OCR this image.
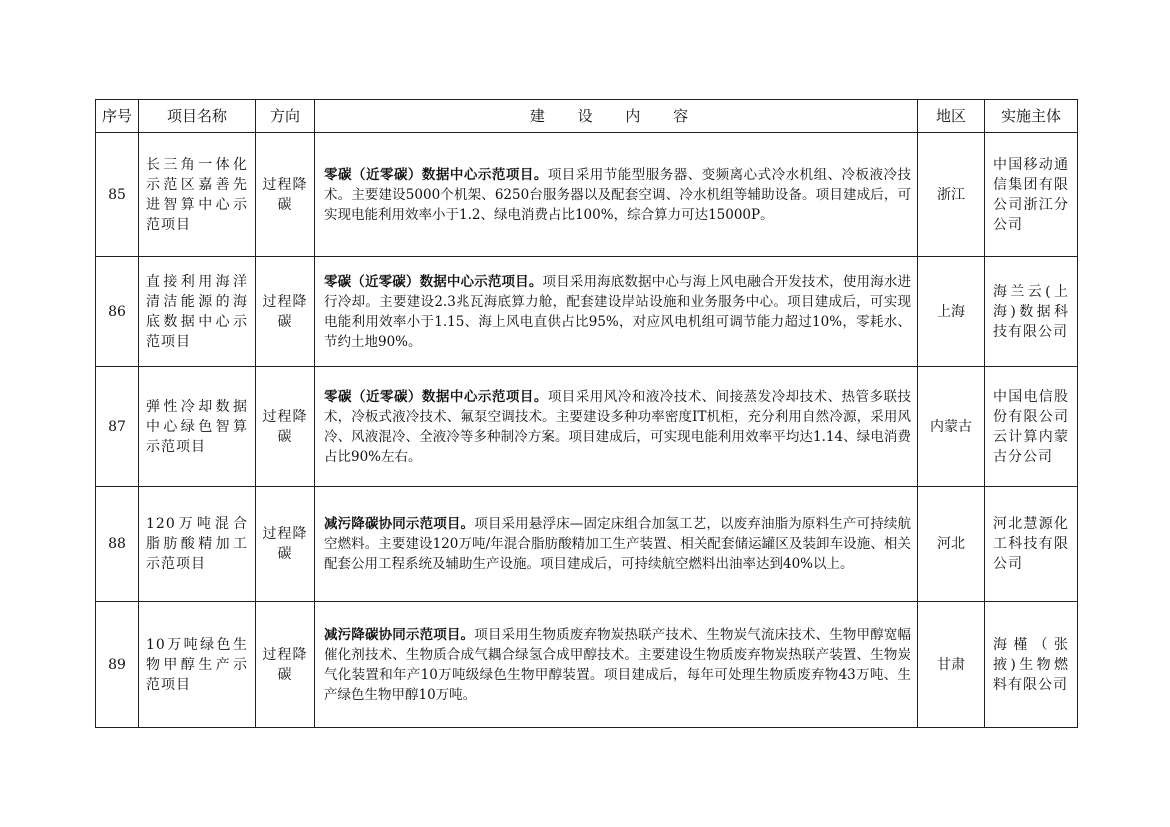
序号	项目名称	方向	建 设 内 容	地区	实施主体
85	长三角一体化示范区嘉善先进智算中心示范项目	过程降碳	零碳（近零碳）数据中心示范项目。项目采用节能型服务器、变频离心式冷水机组、冷板液冷技术。主要建设5000个机架、6250台服务器以及配套空调、冷水机组等辅助设备。项目建成后，可实现电能利用效率小于1.2、绿电消费占比100%，综合算力可达15000P。	浙江	中国移动通信集团有限公司浙江分公司
86	直接利用海洋清洁能源的海底数据中心示范项目	过程降碳	零碳（近零碳）数据中心示范项目。项目采用海底数据中心与海上风电融合开发技术，使用海水进行冷却。主要建设2.3兆瓦海底算力舱，配套建设岸站设施和业务服务中心。项目建成后，可实现电能利用效率小于1.15、海上风电直供占比95%，对应风电机组可调节能力超过10%，零耗水、节约土地90%。	上海	海兰云(上海)数据科技有限公司
87	弹性冷却数据中心绿色智算示范项目	过程降碳	零碳（近零碳）数据中心示范项目。项目采用风冷和液冷技术、间接蒸发冷却技术、热管多联技术，冷板式液冷技术、氟泵空调技术。主要建设多种功率密度IT机柜，充分利用自然冷源，采用风冷、风液混冷、全液冷等多种制冷方案。项目建成后，可实现电能利用效率平均达1.14、绿电消费占比90%左右。	内蒙古	中国电信股份有限公司云计算内蒙古分公司
88	120万吨混合脂肪酸精加工示范项目	过程降碳	减污降碳协同示范项目。项目采用悬浮床—固定床组合加氢工艺，以废弃油脂为原料生产可持续航空燃料。主要建设120万吨/年混合脂肪酸精加工生产装置、相关配套储运罐区及装卸车设施、相关配套公用工程系统及辅助生产设施。项目建成后，可持续航空燃料出油率达到40%以上。	河北	河北慧源化工科技有限公司
89	10万吨绿色生物甲醇生产示范项目	过程降碳	减污降碳协同示范项目。项目采用生物质废弃物炭热联产技术、生物炭气流床技术、生物甲醇宽幅催化剂技术、生物质合成气耦合绿氢合成甲醇技术。主要建设生物质废弃物炭热联产装置、生物炭气化装置和年产10万吨级绿色生物甲醇装置。项目建成后，每年可处理生物质废弃物43万吨、生产绿色生物甲醇10万吨。	甘肃	海槿（张掖)生物燃料有限公司
